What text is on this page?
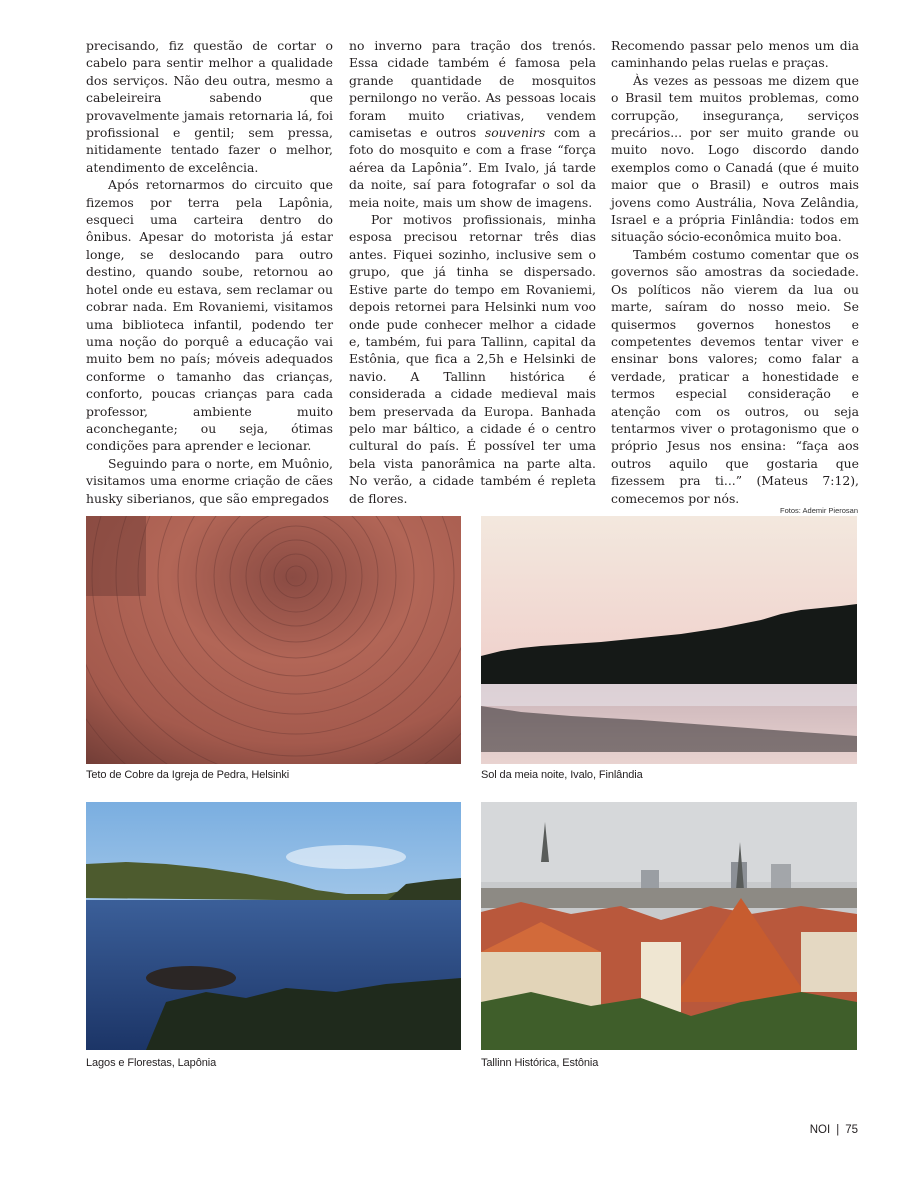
precisando, fiz questão de cortar o cabelo para sentir melhor a qualidade dos serviços. Não deu outra, mesmo a cabeleireira sabendo que provavelmente jamais retornaria lá, foi profissional e gentil; sem pressa, nitidamente tentado fazer o melhor, atendimento de excelência.

Após retornarmos do circuito que fizemos por terra pela Lapônia, esqueci uma carteira dentro do ônibus. Apesar do motorista já estar longe, se deslocando para outro destino, quando soube, retornou ao hotel onde eu estava, sem reclamar ou cobrar nada. Em Rovaniemi, visitamos uma biblioteca infantil, podendo ter uma noção do porquê a educação vai muito bem no país; móveis adequados conforme o tamanho das crianças, conforto, poucas crianças para cada professor, ambiente muito aconchegante; ou seja, ótimas condições para aprender e lecionar.

Seguindo para o norte, em Muônio, visitamos uma enorme criação de cães husky siberianos, que são empregados

no inverno para tração dos trenós. Essa cidade também é famosa pela grande quantidade de mosquitos pernilongo no verão. As pessoas locais foram muito criativas, vendem camisetas e outros souvenirs com a foto do mosquito e com a frase “força aérea da Lapônia”. Em Ivalo, já tarde da noite, saí para fotografar o sol da meia noite, mais um show de imagens.

Por motivos profissionais, minha esposa precisou retornar três dias antes. Fiquei sozinho, inclusive sem o grupo, que já tinha se dispersado. Estive parte do tempo em Rovaniemi, depois retornei para Helsinki num voo onde pude conhecer melhor a cidade e, também, fui para Tallinn, capital da Estônia, que fica a 2,5h e Helsinki de navio. A Tallinn histórica é considerada a cidade medieval mais bem preservada da Europa. Banhada pelo mar báltico, a cidade é o centro cultural do país. É possível ter uma bela vista panorâmica na parte alta. No verão, a cidade também é repleta de flores.

Recomendo passar pelo menos um dia caminhando pelas ruelas e praças.

Às vezes as pessoas me dizem que o Brasil tem muitos problemas, como corrupção, insegurança, serviços precários... por ser muito grande ou muito novo. Logo discordo dando exemplos como o Canadá (que é muito maior que o Brasil) e outros mais jovens como Austrália, Nova Zelândia, Israel e a própria Finlândia: todos em situação sócio-econômica muito boa.

Também costumo comentar que os governos são amostras da sociedade. Os políticos não vierem da lua ou marte, saíram do nosso meio. Se quisermos governos honestos e competentes devemos tentar viver e ensinar bons valores; como falar a verdade, praticar a honestidade e termos especial consideração e atenção com os outros, ou seja tentarmos viver o protagonismo que o próprio Jesus nos ensina: “faça aos outros aquilo que gostaria que fizessem pra ti...” (Mateus 7:12), comecemos por nós.

Fotos: Ademir Pierosan
Teto de Cobre da Igreja de Pedra, Helsinki	Sol da meia noite, Ivalo, Finlândia
Lagos e Florestas, Lapônia	Tallinn Histórica, Estônia
NOI | 75
